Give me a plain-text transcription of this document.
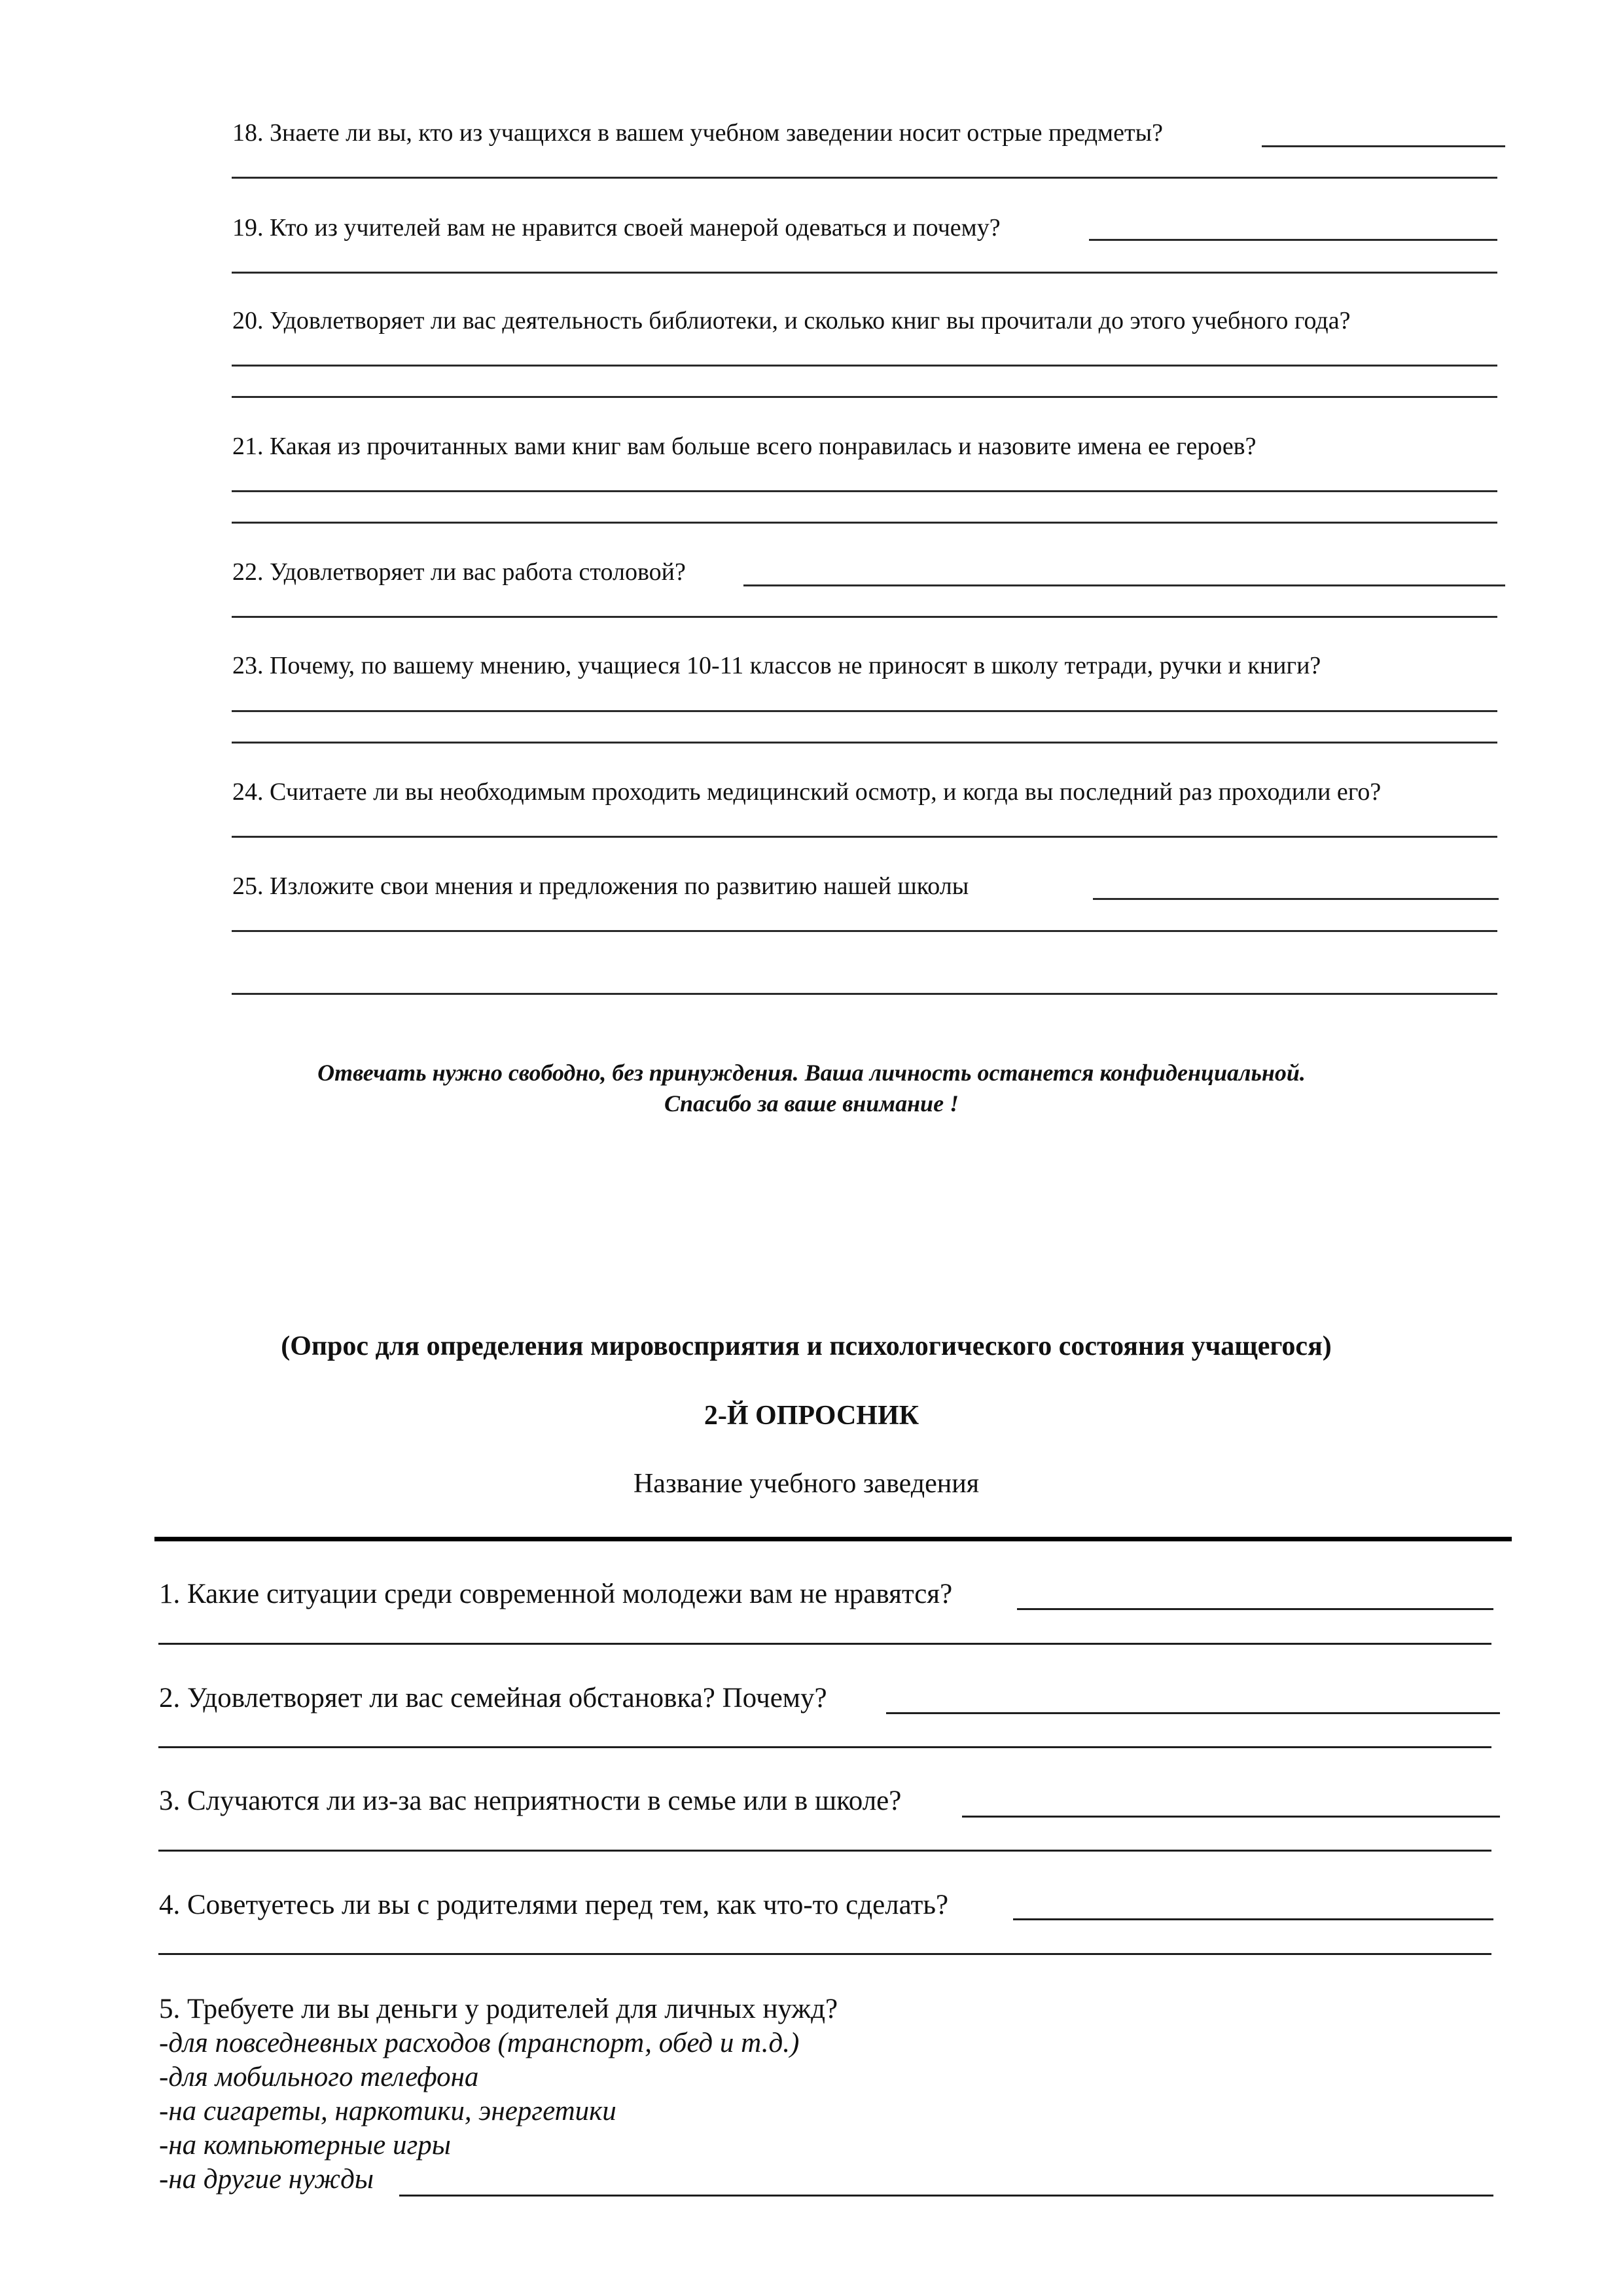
18. Знаете ли вы, кто из учащихся в вашем учебном заведении носит острые предметы?
19. Кто из учителей вам не нравится своей манерой одеваться и почему?
20. Удовлетворяет ли вас деятельность библиотеки, и сколько книг вы прочитали до этого учебного года?
21. Какая из прочитанных вами книг вам больше всего понравилась и назовите имена ее героев?
22. Удовлетворяет ли вас работа столовой?
23. Почему, по вашему мнению, учащиеся 10-11 классов не приносят в школу тетради, ручки и книги?
24. Считаете ли вы необходимым проходить медицинский осмотр, и когда вы последний раз проходили его?
25. Изложите свои мнения и предложения по развитию нашей школы
Отвечать нужно свободно, без принуждения. Ваша личность останется конфиденциальной.
Спасибо за ваше внимание !
(Опрос для определения мировосприятия и психологического состояния учащегося)
2-Й ОПРОСНИК
Название учебного заведения
1. Какие ситуации среди современной молодежи вам не нравятся?
2. Удовлетворяет ли вас семейная обстановка? Почему?
3. Случаются ли из-за вас неприятности в семье или в школе?
4. Советуетесь ли вы с родителями перед тем, как что-то сделать?
5. Требуете ли вы деньги у родителей для личных нужд?
-для повседневных расходов (транспорт, обед и т.д.)
-для мобильного телефона
-на сигареты, наркотики, энергетики
-на компьютерные игры
-на другие нужды
